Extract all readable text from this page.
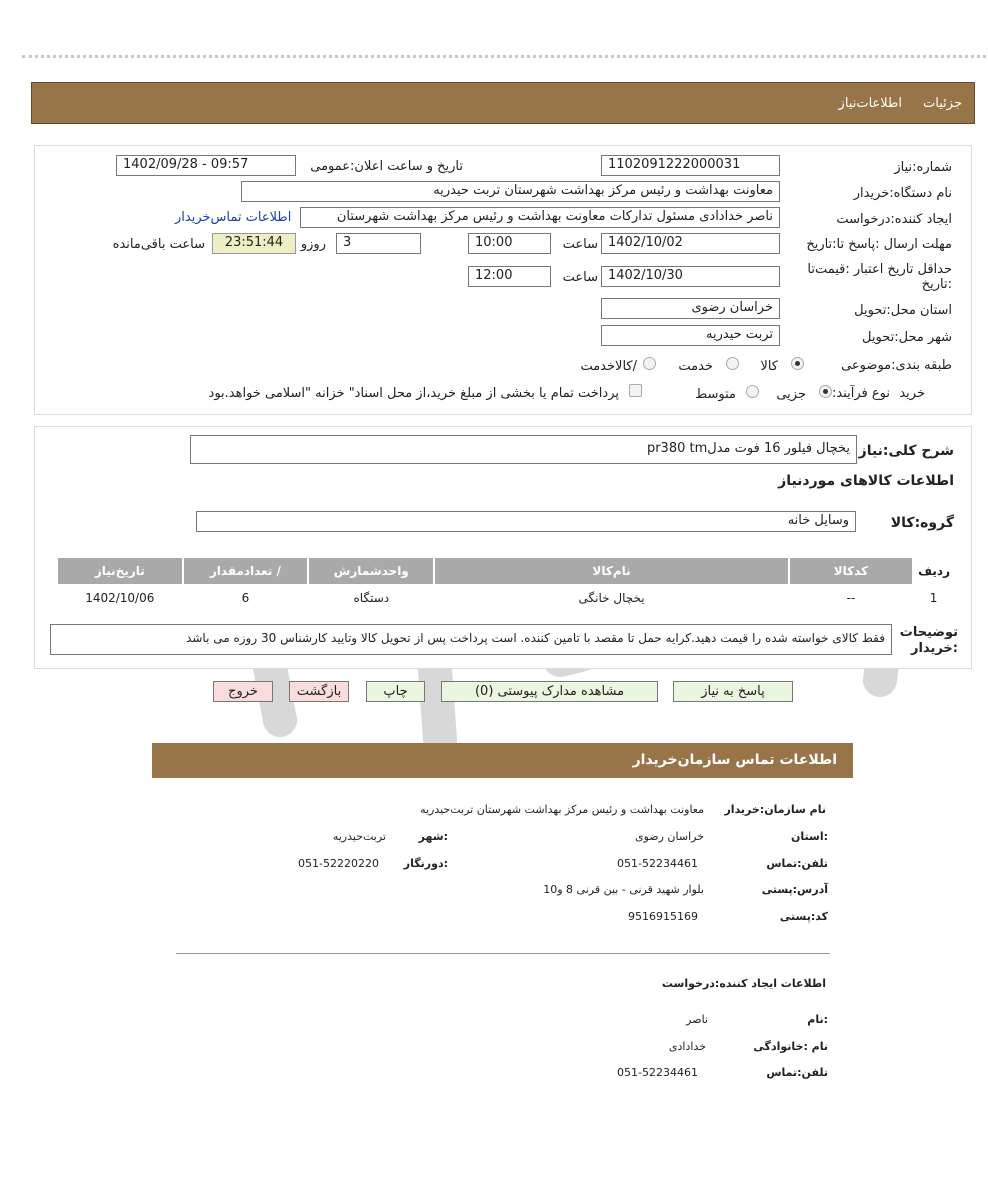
جزئیات
اطلاعات‌نیاز
شماره:نیاز
1102091222000031
تاریخ و ساعت اعلان:عمومی
1402/09/28 - 09:57
نام دستگاه:خریدار
معاونت بهداشت و رئیس مرکز بهداشت شهرستان تربت حیدریه
ایجاد کننده:درخواست
ناصر خدادادی مسئول تدارکات معاونت بهداشت و رئیس مرکز بهداشت شهرستان
اطلاعات تماس‌خریدار
مهلت ارسال :پاسخ تا:تاریخ
1402/10/02
ساعت
10:00
3
روزو
23:51:44
ساعت باقی‌مانده
حداقل تاریخ اعتبار :قیمت‌تا :تاریخ
1402/10/30
ساعت
12:00
استان محل:تحویل
خراسان رضوی
شهر محل:تحویل
تربت حیدریه
طبقه بندی:موضوعی
کالا
خدمت
/کالاخدمت
نوع فرآیند: خرید
جزیی
متوسط
پرداخت تمام یا بخشی از مبلغ خرید،از محل اسناد" خزانه "اسلامی خواهد.بود
شرح کلی:نیاز
یخچال فیلور 16 فوت مدلpr380 tm
اطلاعات کالاهای موردنیاز
گروه:کالا
وسایل خانه
ردیف	کدکالا	نام‌کالا	واحدشمارش	/ تعدادمقدار	تاریخ‌نیاز
1	--	یخچال خانگی	دستگاه	6	1402/10/06
توضیحات :خریدار
فقط کالای خواسته شده را قیمت دهید.کرایه حمل تا مقصد با تامین کننده. است پرداخت پس از تحویل کالا وتایید کارشناس 30 روزه می باشد
پاسخ به نیاز
مشاهده مدارک پیوستی (0)
چاپ
بازگشت
خروج
اطلاعات تماس سازمان‌خریدار
نام سازمان:خریدار
معاونت بهداشت و رئیس مرکز بهداشت شهرستان تربت‌حیدریه
:استان
خراسان رضوی
:شهر
تربت‌حیدریه
تلفن:تماس
051-52234461
:دورنگار
051-52220220
آدرس:پستی
بلوار شهید قرنی - بین قرنی 8 و10
کد:پستی
9516915169
اطلاعات ایجاد کننده:درخواست
:نام
ناصر
نام :خانوادگی
خدادادی
تلفن:تماس
051-52234461
